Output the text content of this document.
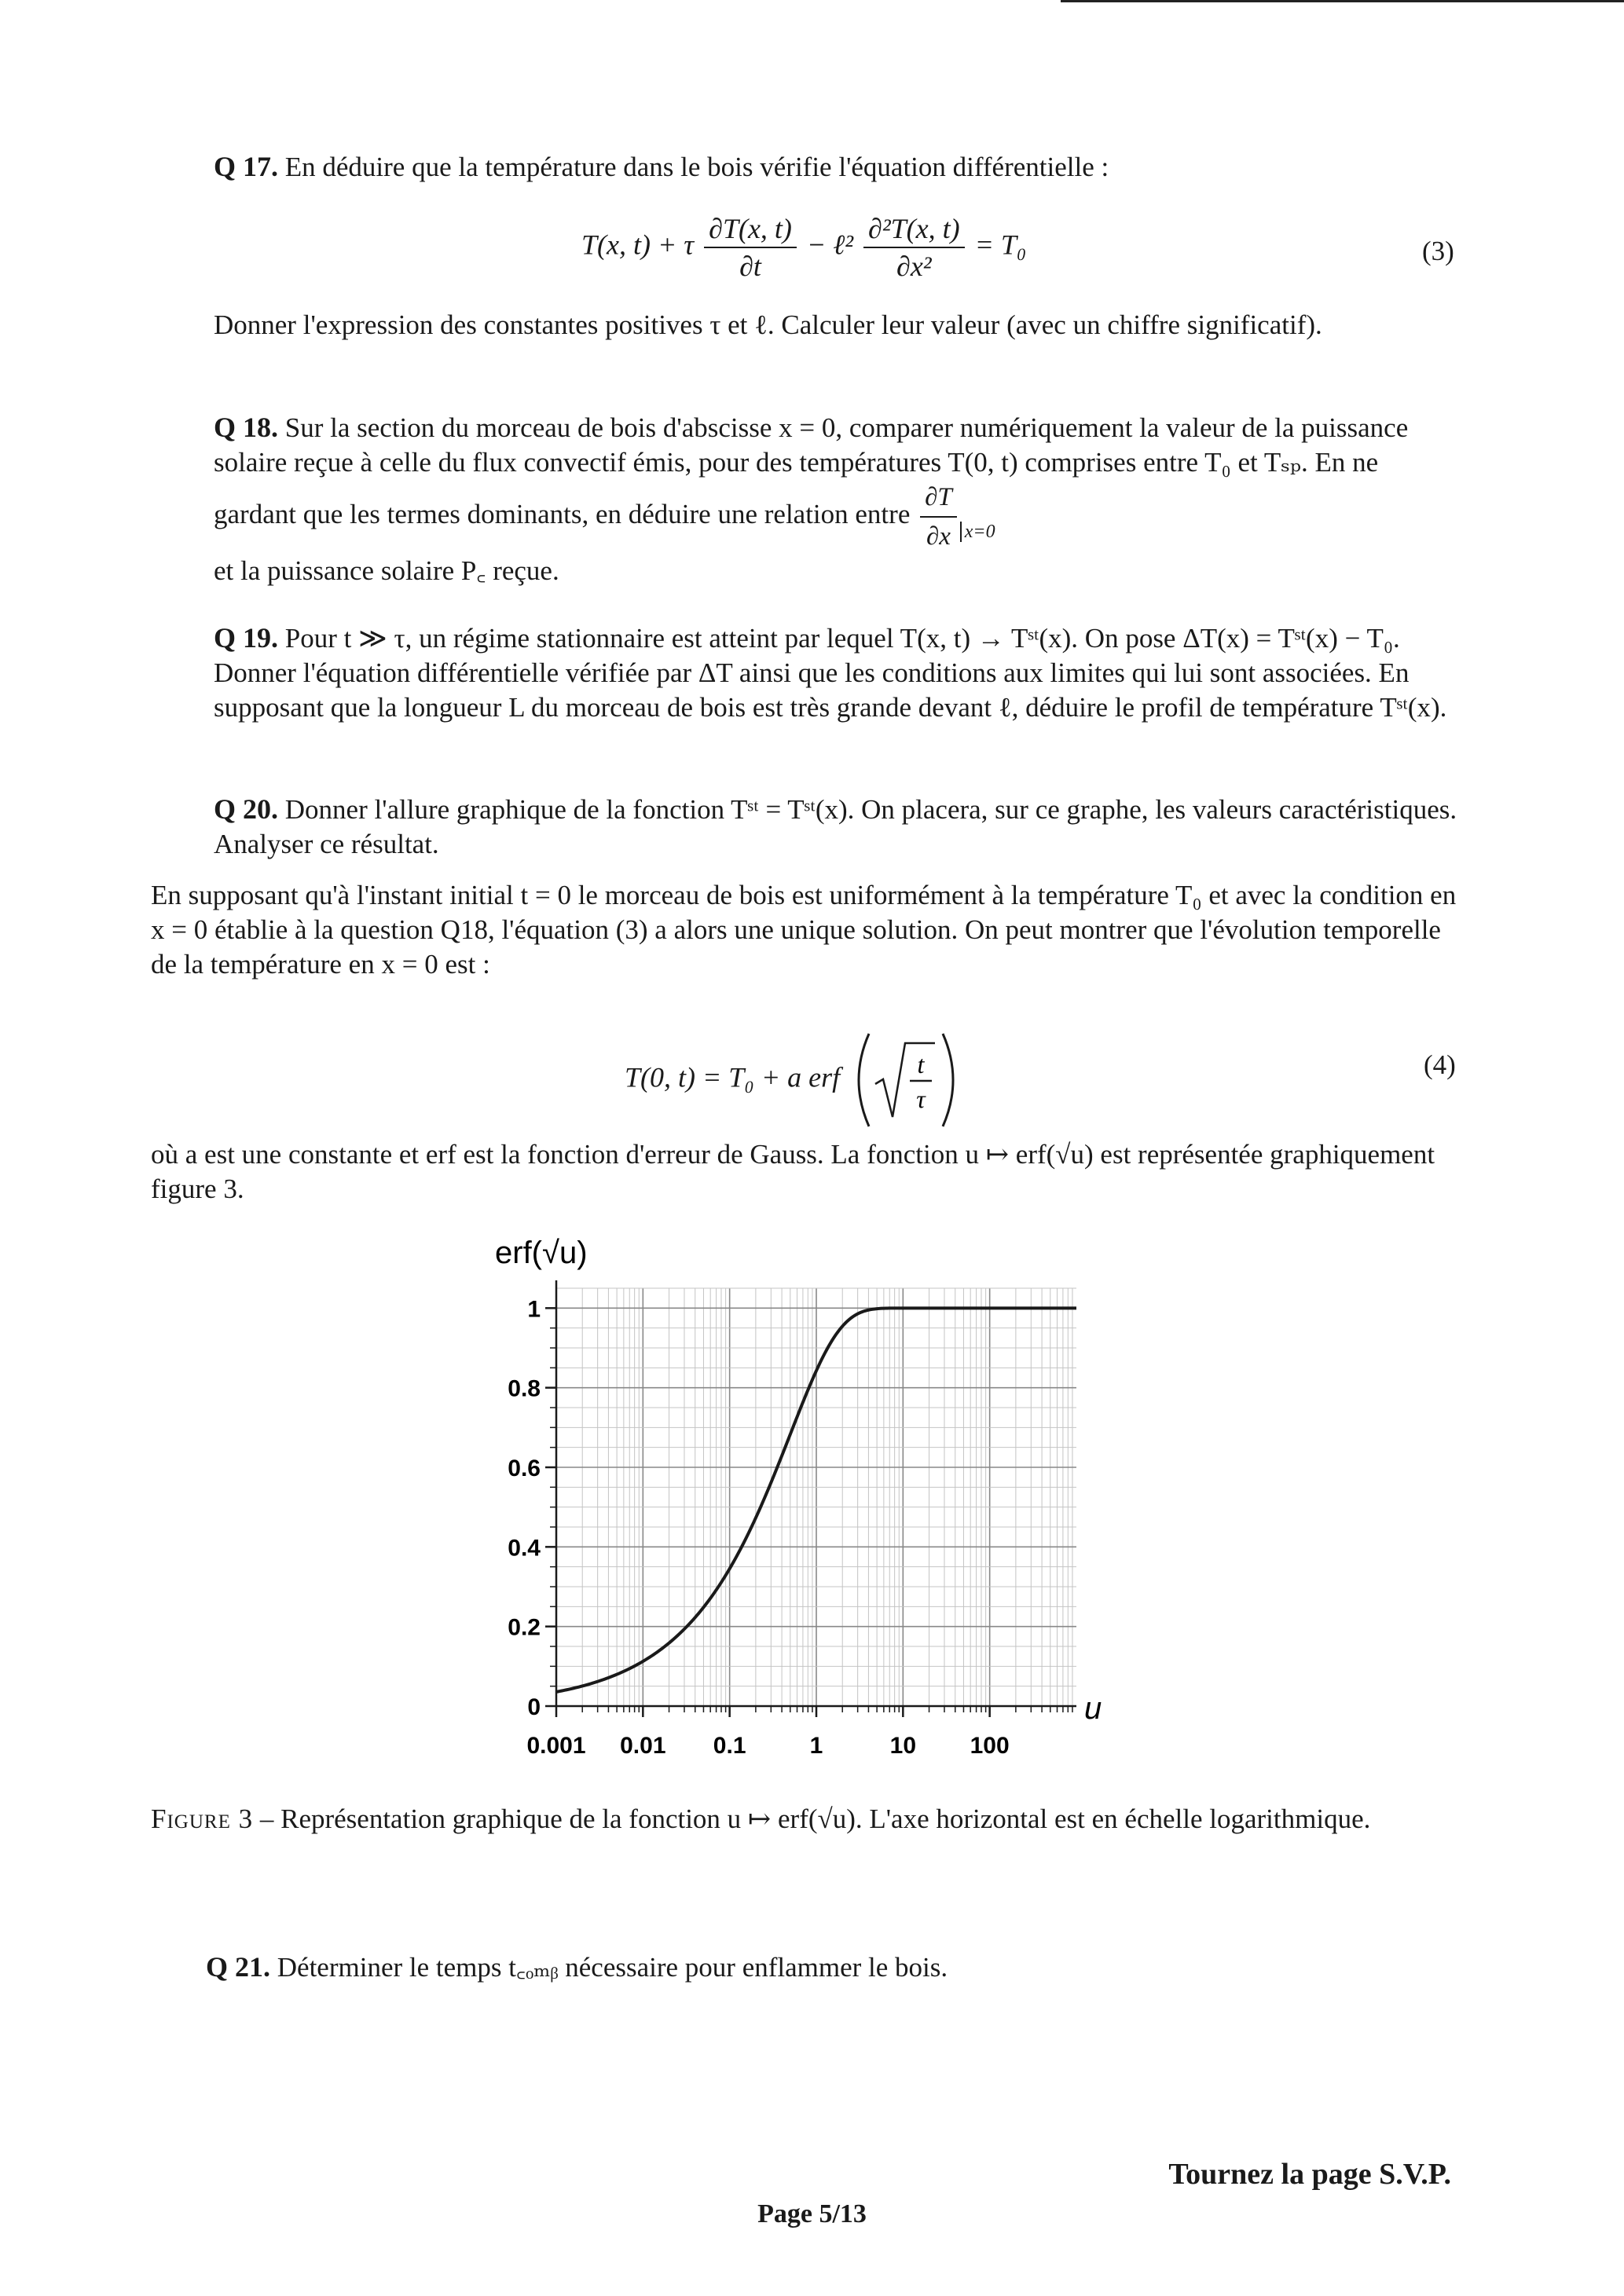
Q 17. En déduire que la température dans le bois vérifie l'équation différentielle :
T(x, t) + τ $\frac{\partial T(x, t)}{\partial t}$ − ℓ² $\frac{\text{∂²T(x, t)}}{\text{∂x²}} = T_0$	(3)
Donner l'expression des constantes positives τ et ℓ. Calculer leur valeur (avec un chiffre significatif).
Q 18. Sur la section du morceau de bois d'abscisse x = 0, comparer numériquement la valeur de la puissance solaire reçue à celle du flux convectif émis, pour des températures T(0, t) comprises entre T₀ et Tₛₚ. En ne gardant que les termes dominants, en déduire une relation entre $\frac{\partial T}{\partial x} _{x=0}$
et la puissance solaire P꜀ reçue.
Q 19. Pour t ≫ τ, un régime stationnaire est atteint par lequel T(x, t) → Tˢᵗ(x). On pose ΔT(x) = Tˢᵗ(x) − T₀. Donner l'équation différentielle vérifiée par ΔT ainsi que les conditions aux limites qui lui sont associées. En supposant que la longueur L du morceau de bois est très grande devant ℓ, déduire le profil de température Tˢᵗ(x).
Q 20. Donner l'allure graphique de la fonction Tˢᵗ = Tˢᵗ(x). On placera, sur ce graphe, les valeurs caractéristiques. Analyser ce résultat.
En supposant qu'à l'instant initial t = 0 le morceau de bois est uniformément à la température T₀ et avec la condition en x = 0 établie à la question Q18, l'équation (3) a alors une unique solution. On peut montrer que l'évolution temporelle de la température en x = 0 est :
T(0, t) = T₀ + a erf	t
τ
(4)
où a est une constante et erf est la fonction d'erreur de Gauss. La fonction u ↦ erf(√u) est représentée graphiquement figure 3.
0
0.2
0.4
0.6
0.8
1
0.001 0.01 0.1	1	10 100
erf(√u)
u
Figure 3 – Représentation graphique de la fonction u ↦ erf(√u). L'axe horizontal est en échelle logarithmique.
Q 21. Déterminer le temps t꜀ₒₘᵦ nécessaire pour enflammer le bois.
Tournez la page S.V.P.
Page 5/13
